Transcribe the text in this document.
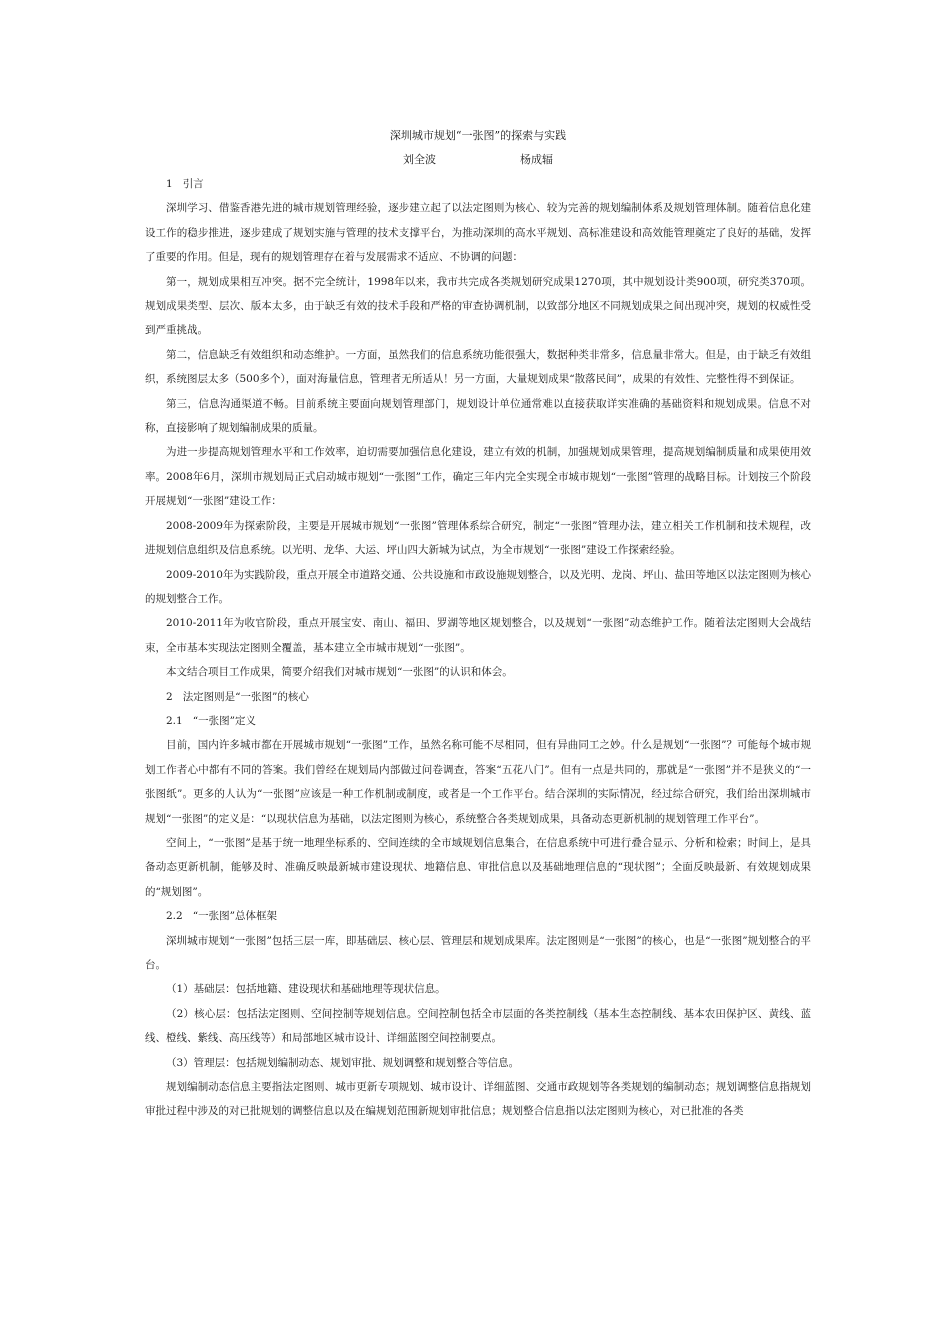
深圳城市规划“一张图”的探索与实践
刘全波	杨成辐
1 引言

深圳学习、借鉴香港先进的城市规划管理经验，逐步建立起了以法定图则为核心、较为完善的规划编制体系及规划管理体制。随着信息化建设工作的稳步推进，逐步建成了规划实施与管理的技术支撑平台，为推动深圳的高水平规划、高标准建设和高效能管理奠定了良好的基础，发挥了重要的作用。但是，现有的规划管理存在着与发展需求不适应、不协调的问题：

第一，规划成果相互冲突。据不完全统计，1998年以来，我市共完成各类规划研究成果1270项，其中规划设计类900项，研究类370项。规划成果类型、层次、版本太多，由于缺乏有效的技术手段和严格的审查协调机制，以致部分地区不同规划成果之间出现冲突，规划的权威性受到严重挑战。

第二，信息缺乏有效组织和动态维护。一方面，虽然我们的信息系统功能很强大，数据种类非常多，信息量非常大。但是，由于缺乏有效组织，系统图层太多（500多个），面对海量信息，管理者无所适从！另一方面，大量规划成果“散落民间”，成果的有效性、完整性得不到保证。

第三，信息沟通渠道不畅。目前系统主要面向规划管理部门，规划设计单位通常难以直接获取详实准确的基础资料和规划成果。信息不对称，直接影响了规划编制成果的质量。

为进一步提高规划管理水平和工作效率，迫切需要加强信息化建设，建立有效的机制，加强规划成果管理，提高规划编制质量和成果使用效率。2008年6月，深圳市规划局正式启动城市规划“一张图”工作，确定三年内完全实现全市城市规划“一张图”管理的战略目标。计划按三个阶段开展规划“一张图”建设工作：

2008-2009年为探索阶段，主要是开展城市规划“一张图”管理体系综合研究，制定“一张图”管理办法，建立相关工作机制和技术规程，改进规划信息组织及信息系统。以光明、龙华、大运、坪山四大新城为试点，为全市规划“一张图”建设工作探索经验。

2009-2010年为实践阶段，重点开展全市道路交通、公共设施和市政设施规划整合，以及光明、龙岗、坪山、盐田等地区以法定图则为核心的规划整合工作。

2010-2011年为收官阶段，重点开展宝安、南山、福田、罗湖等地区规划整合，以及规划“一张图”动态维护工作。随着法定图则大会战结束，全市基本实现法定图则全覆盖，基本建立全市城市规划“一张图”。

本文结合项目工作成果，简要介绍我们对城市规划“一张图”的认识和体会。

2 法定图则是“一张图”的核心
2.1 “一张图”定义

目前，国内许多城市都在开展城市规划“一张图”工作，虽然名称可能不尽相同，但有异曲同工之妙。什么是规划“一张图”？可能每个城市规划工作者心中都有不同的答案。我们曾经在规划局内部做过问卷调查，答案“五花八门”。但有一点是共同的，那就是“一张图”并不是狭义的“一张图纸”。更多的人认为“一张图”应该是一种工作机制或制度，或者是一个工作平台。结合深圳的实际情况，经过综合研究，我们给出深圳城市规划“一张图”的定义是：“以现状信息为基础，以法定图则为核心，系统整合各类规划成果，具备动态更新机制的规划管理工作平台”。

空间上，“一张图”是基于统一地理坐标系的、空间连续的全市域规划信息集合，在信息系统中可进行叠合显示、分析和检索；时间上，是具备动态更新机制，能够及时、准确反映最新城市建设现状、地籍信息、审批信息以及基础地理信息的“现状图”；全面反映最新、有效规划成果的“规划图”。

2.2 “一张图”总体框架

深圳城市规划“一张图”包括三层一库，即基础层、核心层、管理层和规划成果库。法定图则是“一张图”的核心，也是“一张图”规划整合的平台。

（1）基础层：包括地籍、建设现状和基础地理等现状信息。

（2）核心层：包括法定图则、空间控制等规划信息。空间控制包括全市层面的各类控制线（基本生态控制线、基本农田保护区、黄线、蓝线、橙线、紫线、高压线等）和局部地区城市设计、详细蓝图空间控制要点。

（3）管理层：包括规划编制动态、规划审批、规划调整和规划整合等信息。

规划编制动态信息主要指法定图则、城市更新专项规划、城市设计、详细蓝图、交通市政规划等各类规划的编制动态；规划调整信息指规划审批过程中涉及的对已批规划的调整信息以及在编规划范围新规划审批信息；规划整合信息指以法定图则为核心，对已批准的各类
